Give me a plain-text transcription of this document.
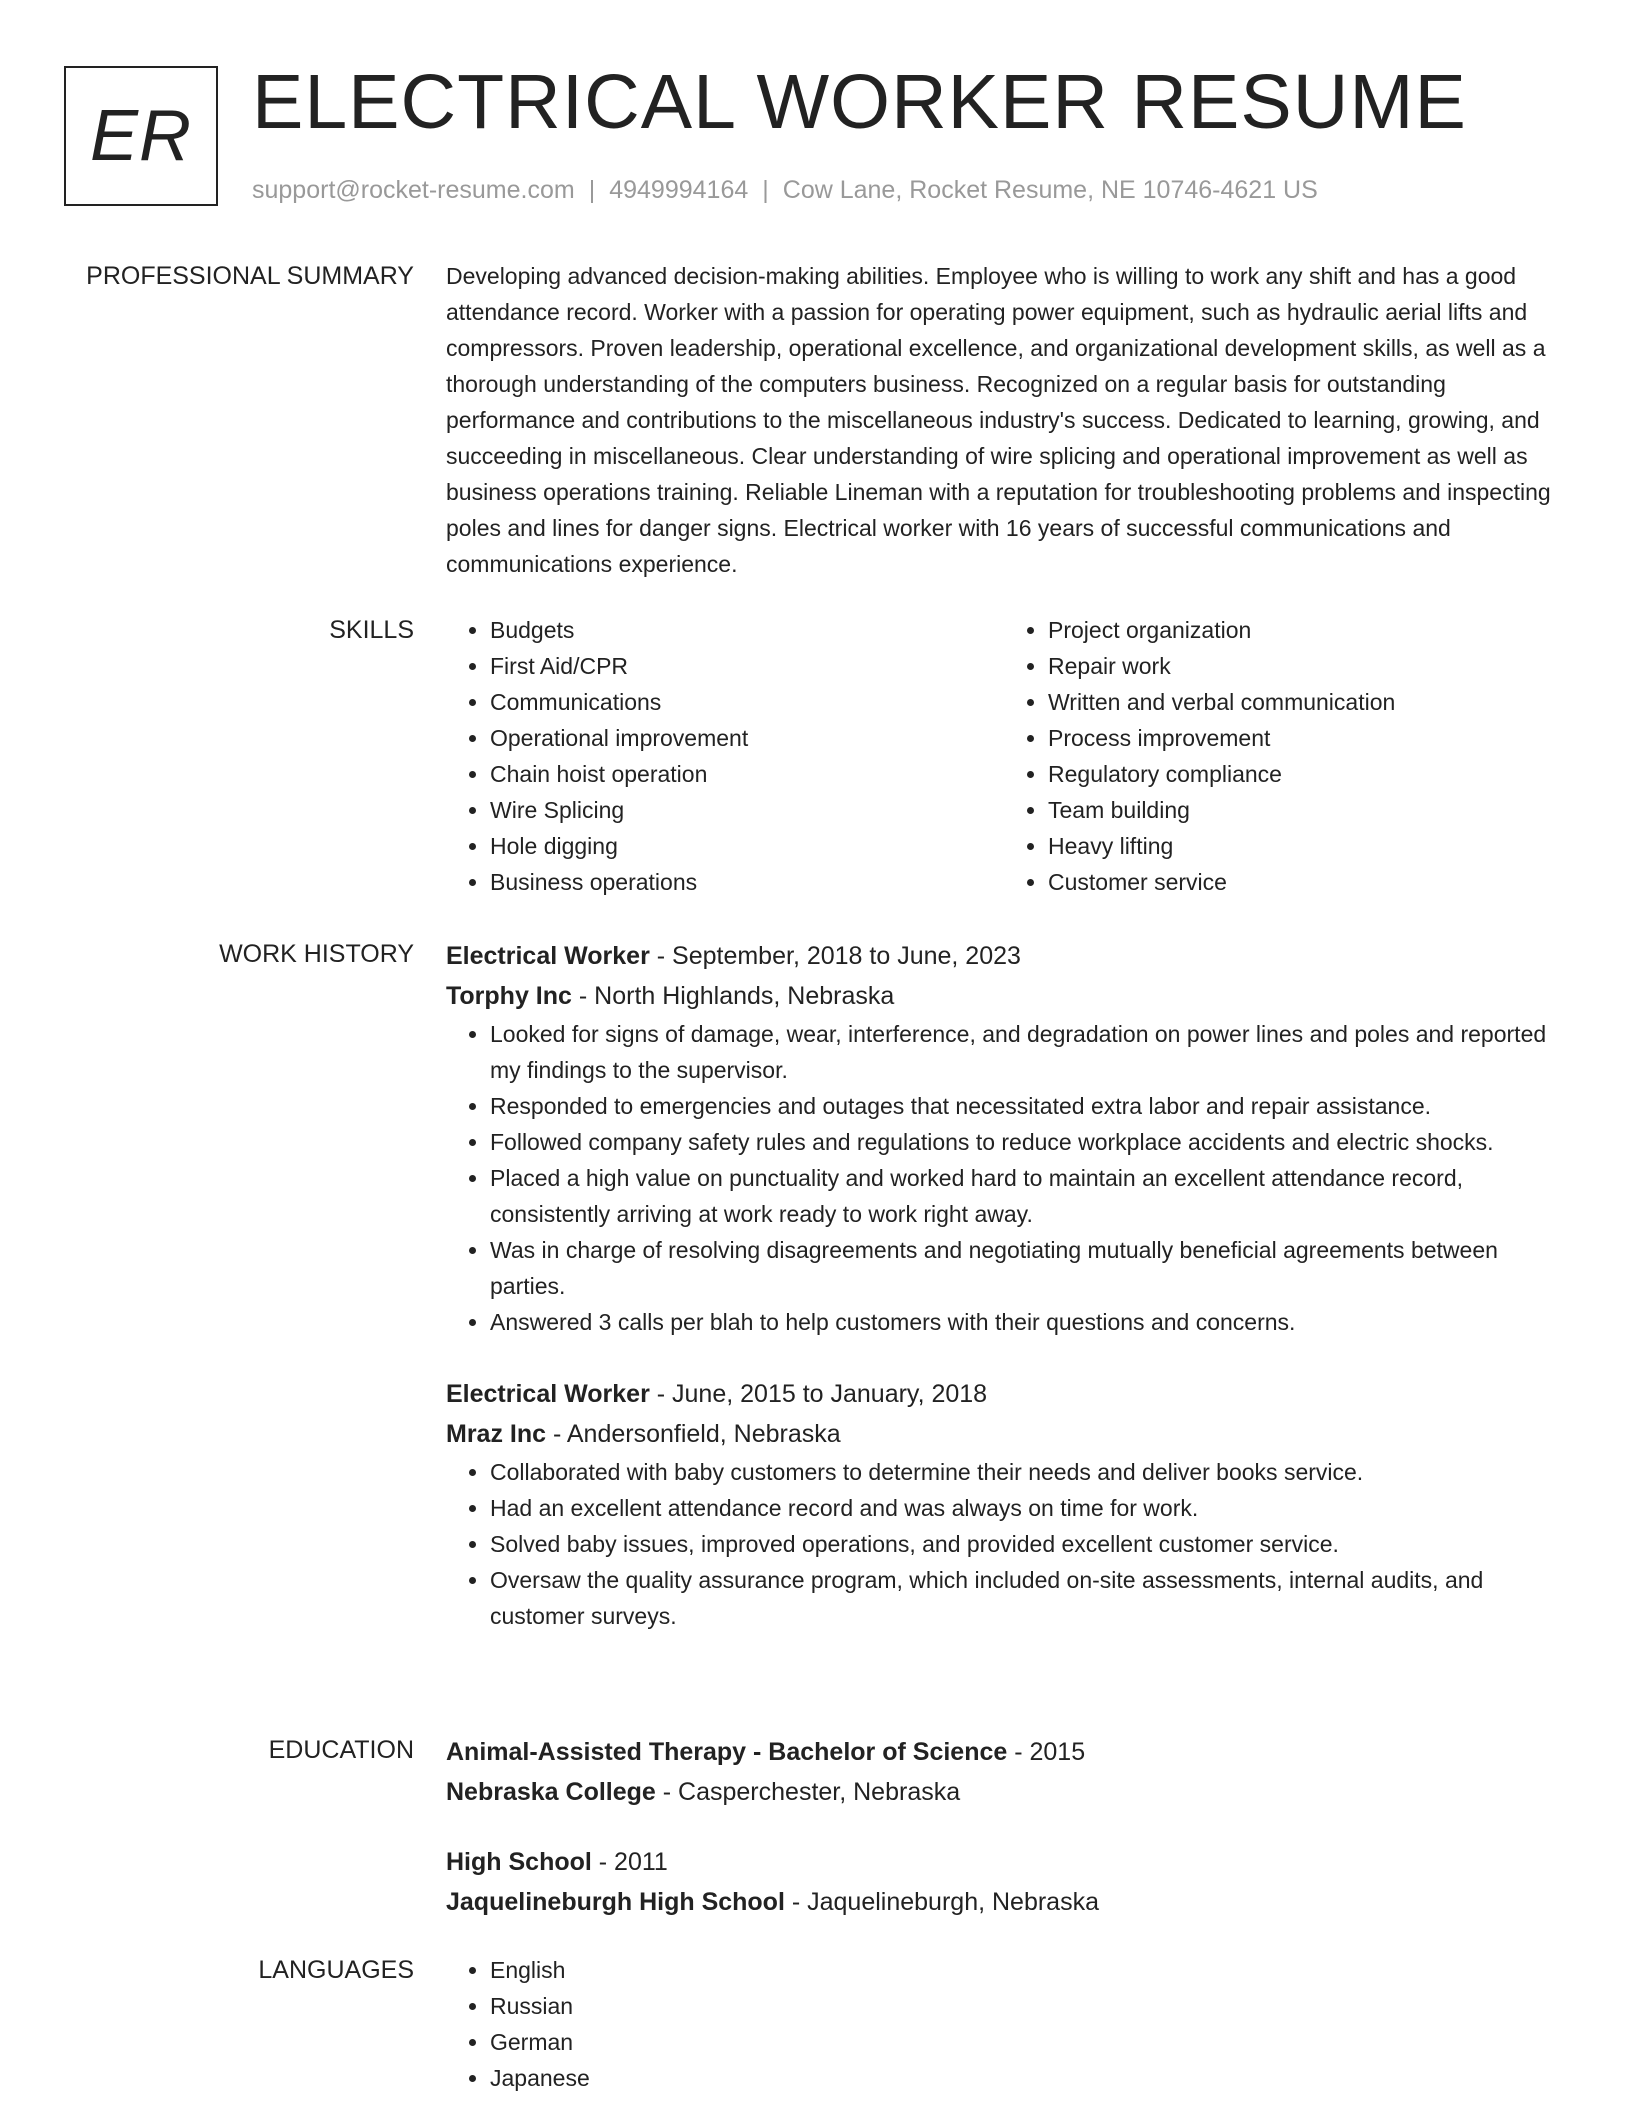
ER ELECTRICAL WORKER RESUME
support@rocket-resume.com | 4949994164 | Cow Lane, Rocket Resume, NE 10746-4621 US
PROFESSIONAL SUMMARY Developing advanced decision-making abilities. Employee who is willing to work any shift and has a good attendance record. Worker with a passion for operating power equipment, such as hydraulic aerial lifts and compressors. Proven leadership, operational excellence, and organizational development skills, as well as a thorough understanding of the computers business. Recognized on a regular basis for outstanding performance and contributions to the miscellaneous industry's success. Dedicated to learning, growing, and succeeding in miscellaneous. Clear understanding of wire splicing and operational improvement as well as business operations training. Reliable Lineman with a reputation for troubleshooting problems and inspecting poles and lines for danger signs. Electrical worker with 16 years of successful communications and communications experience.

SKILLS	• Budgets
• First Aid/CPR
• Communications
• Operational improvement
• Chain hoist operation
• Wire Splicing
• Hole digging
• Business operations
• Project organization
• Repair work
• Written and verbal communication
• Process improvement
• Regulatory compliance
• Team building
• Heavy lifting
• Customer service
WORK HISTORY Electrical Worker - September, 2018 to June, 2023
Torphy Inc - North Highlands, Nebraska
• Looked for signs of damage, wear, interference, and degradation on power lines and poles and reported my findings to the supervisor.
• Responded to emergencies and outages that necessitated extra labor and repair assistance.
• Followed company safety rules and regulations to reduce workplace accidents and electric shocks.
• Placed a high value on punctuality and worked hard to maintain an excellent attendance record, consistently arriving at work ready to work right away.
• Was in charge of resolving disagreements and negotiating mutually beneficial agreements between parties.
• Answered 3 calls per blah to help customers with their questions and concerns.
Electrical Worker - June, 2015 to January, 2018
Mraz Inc - Andersonfield, Nebraska
• Collaborated with baby customers to determine their needs and deliver books service.
• Had an excellent attendance record and was always on time for work.
• Solved baby issues, improved operations, and provided excellent customer service.
• Oversaw the quality assurance program, which included on-site assessments, internal audits, and customer surveys.
EDUCATION Animal-Assisted Therapy - Bachelor of Science - 2015
Nebraska College - Casperchester, Nebraska
High School - 2011
Jaquelineburgh High School - Jaquelineburgh, Nebraska
LANGUAGES	• English
• Russian
• German
• Japanese
